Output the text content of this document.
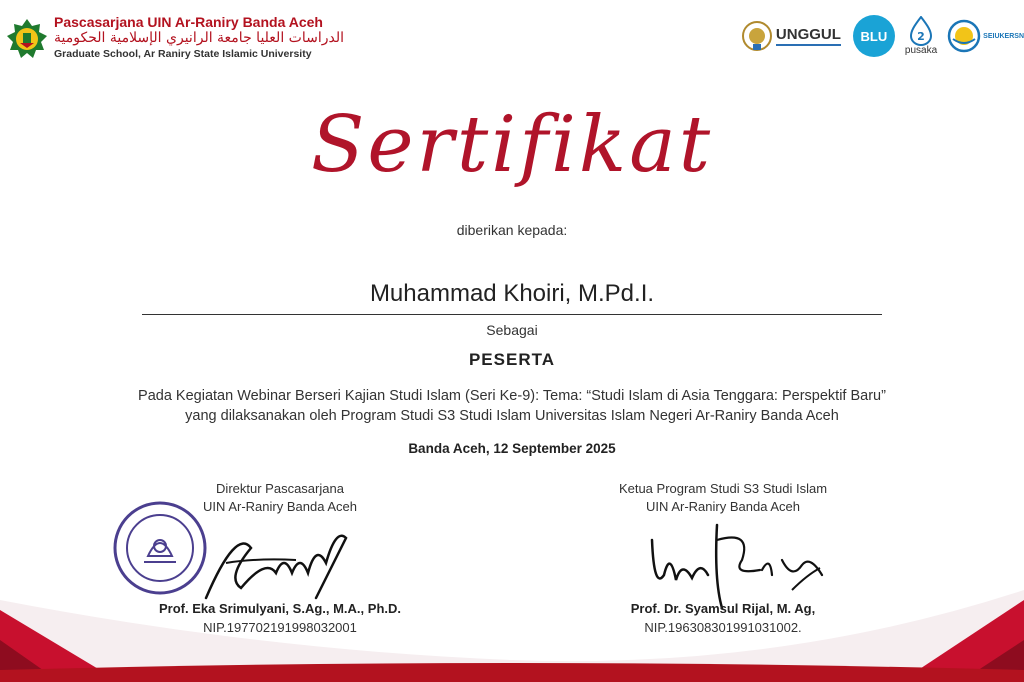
Pascasarjana UIN Ar-Raniry Banda Aceh
الدراسات العليا جامعة الرانيري الإسلامية الحكومية
Graduate School, Ar Raniry State Islamic University
UNGGUL BLU	2
pusaka
SEIUKERSN
Sertifikat
diberikan kepada:
Muhammad Khoiri, M.Pd.I.
Sebagai
PESERTA
Pada Kegiatan Webinar Berseri Kajian Studi Islam (Seri Ke-9): Tema: “Studi Islam di Asia Tenggara: Perspektif Baru”
yang dilaksanakan oleh Program Studi S3 Studi Islam Universitas Islam Negeri Ar-Raniry Banda Aceh
Banda Aceh, 12 September 2025
Direktur Pascasarjana
UIN Ar-Raniry Banda Aceh
Prof. Eka Srimulyani, S.Ag., M.A., Ph.D.
NIP.197702191998032001
Ketua Program Studi S3 Studi Islam
UIN Ar-Raniry Banda Aceh
Prof. Dr. Syamsul Rijal, M. Ag,
NIP.196308301991031002.
